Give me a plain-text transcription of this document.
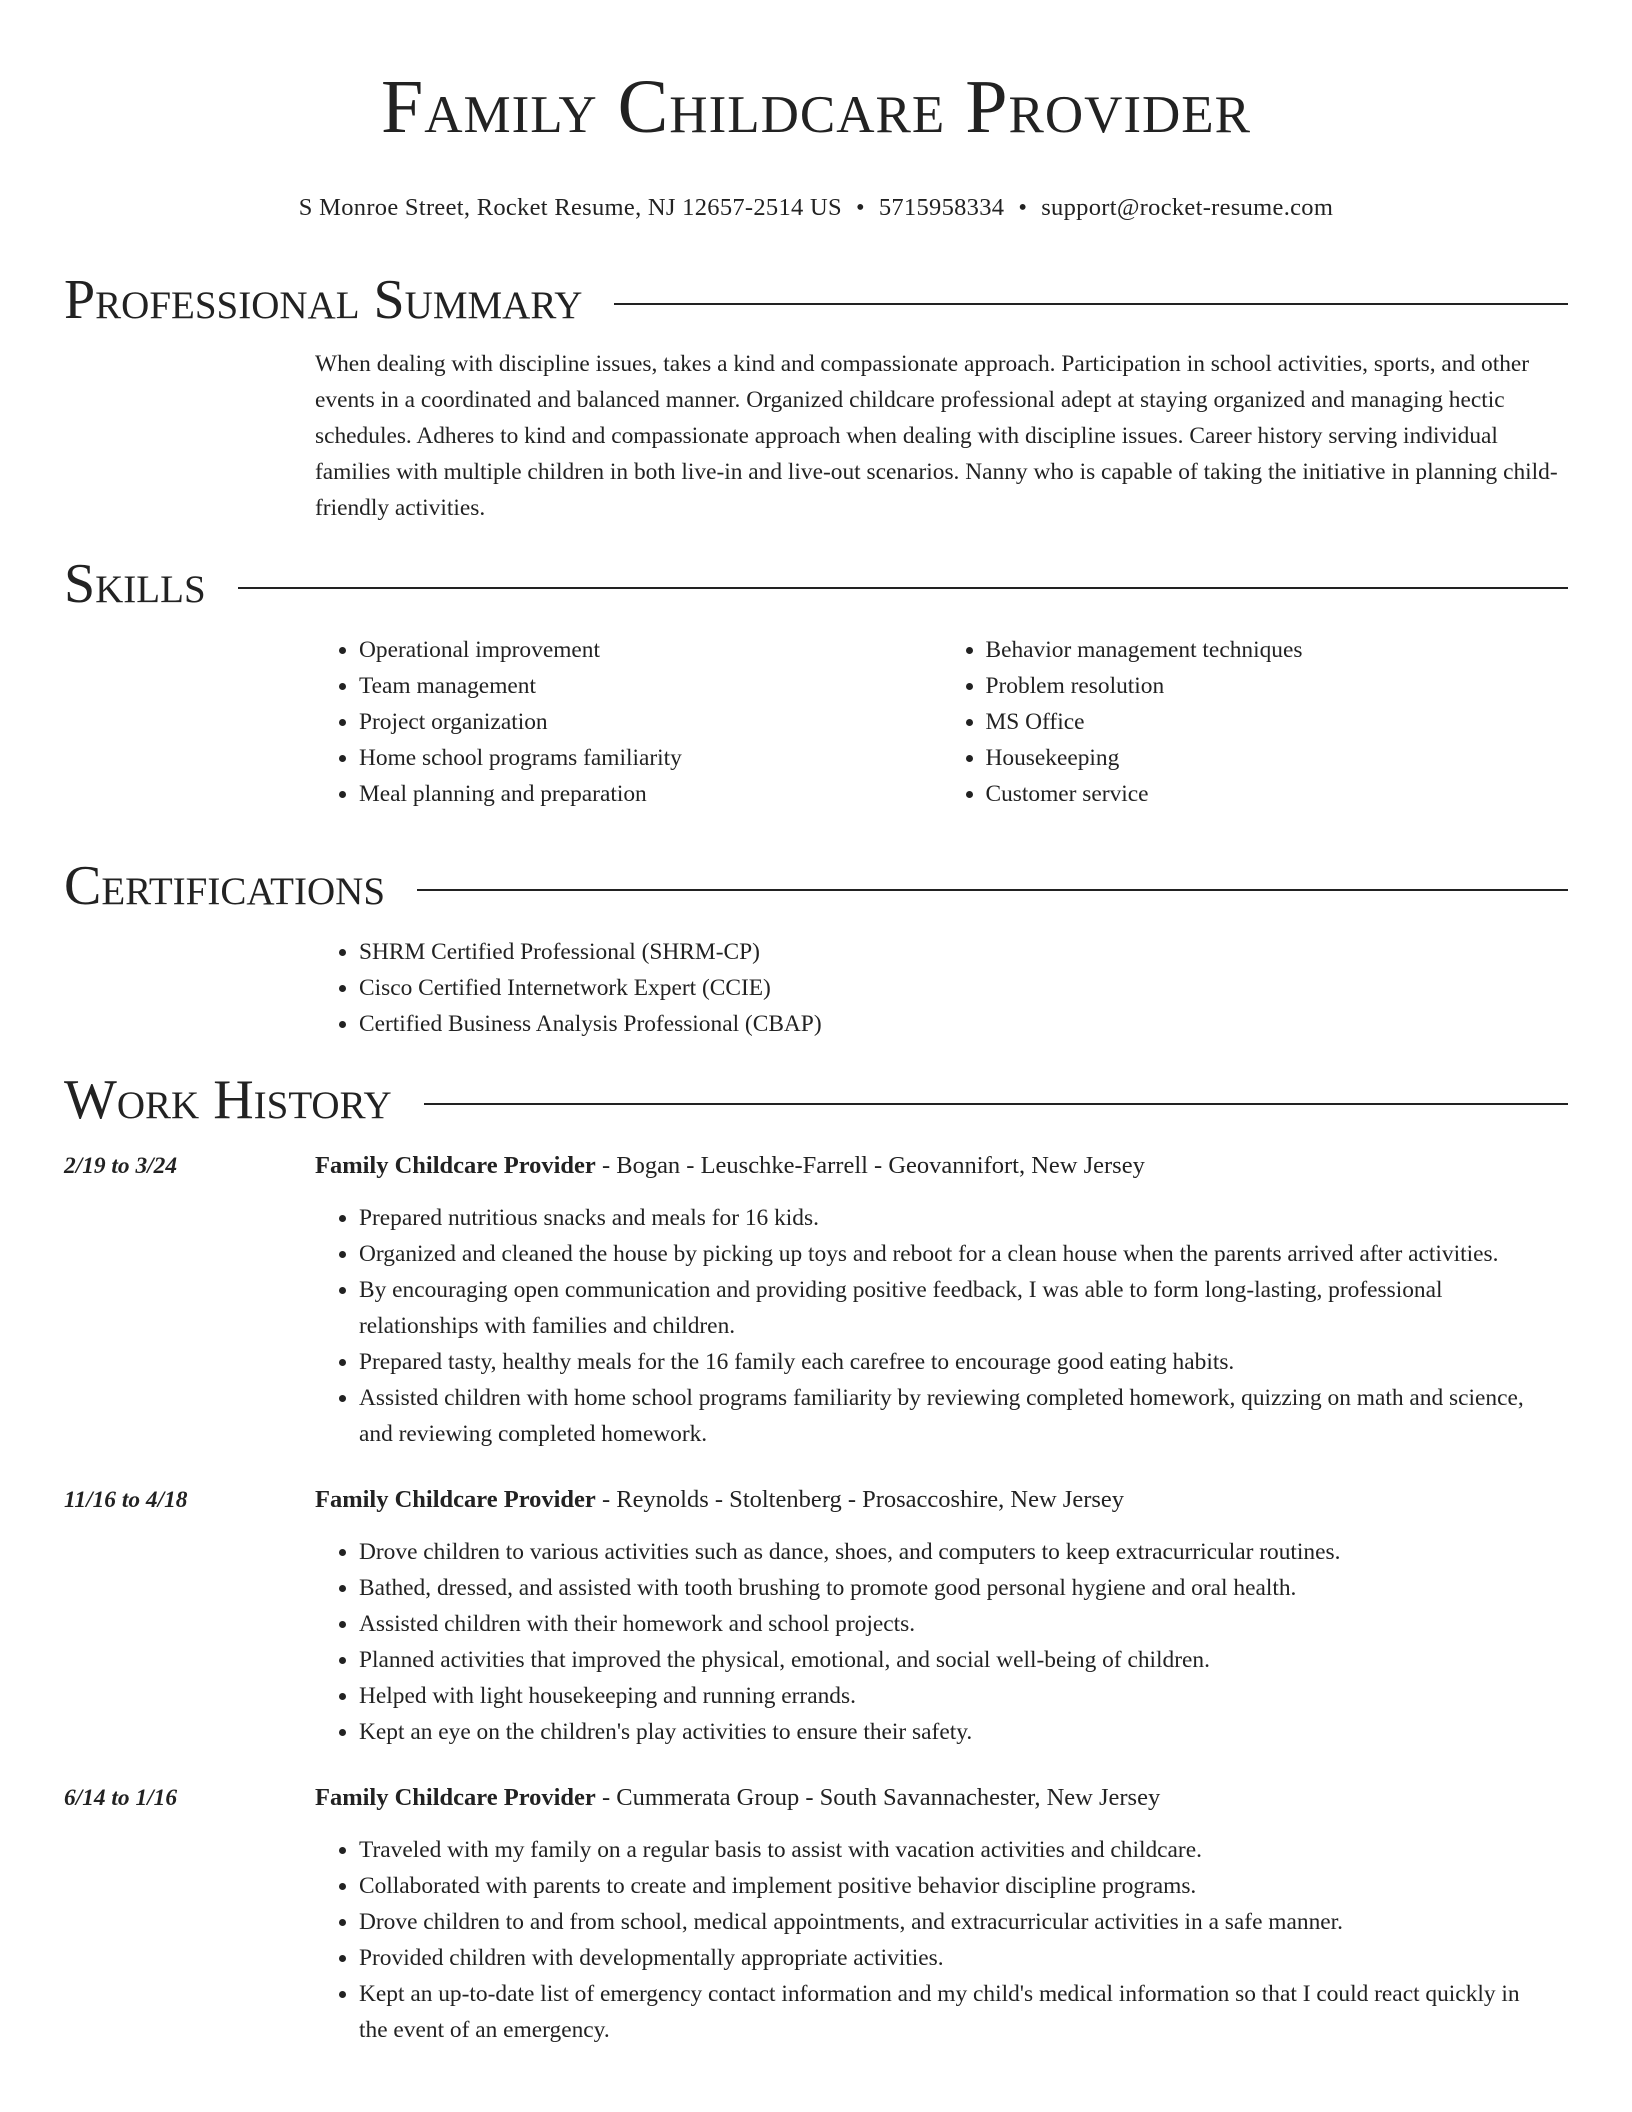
Family Childcare Provider
S Monroe Street, Rocket Resume, NJ 12657-2514 US • 5715958334 • support@rocket-resume.com
Professional Summary

When dealing with discipline issues, takes a kind and compassionate approach. Participation in school activities, sports, and other events in a coordinated and balanced manner. Organized childcare professional adept at staying organized and managing hectic schedules. Adheres to kind and compassionate approach when dealing with discipline issues. Career history serving individual families with multiple children in both live-in and live-out scenarios. Nanny who is capable of taking the initiative in planning child-friendly activities.

Skills
• Operational improvement
• Team management
• Project organization
• Home school programs familiarity
• Meal planning and preparation
• Behavior management techniques
• Problem resolution
• MS Office
• Housekeeping
• Customer service
Certifications
• SHRM Certified Professional (SHRM-CP)
• Cisco Certified Internetwork Expert (CCIE)
• Certified Business Analysis Professional (CBAP)
Work History
2/19 to 3/24	Family Childcare Provider - Bogan - Leuschke-Farrell - Geovannifort, New Jersey
• Prepared nutritious snacks and meals for 16 kids.
• Organized and cleaned the house by picking up toys and reboot for a clean house when the parents arrived after activities.
• By encouraging open communication and providing positive feedback, I was able to form long-lasting, professional relationships with families and children.
• Prepared tasty, healthy meals for the 16 family each carefree to encourage good eating habits.
• Assisted children with home school programs familiarity by reviewing completed homework, quizzing on math and science, and reviewing completed homework.
11/16 to 4/18	Family Childcare Provider - Reynolds - Stoltenberg - Prosaccoshire, New Jersey
• Drove children to various activities such as dance, shoes, and computers to keep extracurricular routines.
• Bathed, dressed, and assisted with tooth brushing to promote good personal hygiene and oral health.
• Assisted children with their homework and school projects.
• Planned activities that improved the physical, emotional, and social well-being of children.
• Helped with light housekeeping and running errands.
• Kept an eye on the children's play activities to ensure their safety.
6/14 to 1/16	Family Childcare Provider - Cummerata Group - South Savannachester, New Jersey
• Traveled with my family on a regular basis to assist with vacation activities and childcare.
• Collaborated with parents to create and implement positive behavior discipline programs.
• Drove children to and from school, medical appointments, and extracurricular activities in a safe manner.
• Provided children with developmentally appropriate activities.
• Kept an up-to-date list of emergency contact information and my child's medical information so that I could react quickly in the event of an emergency.
